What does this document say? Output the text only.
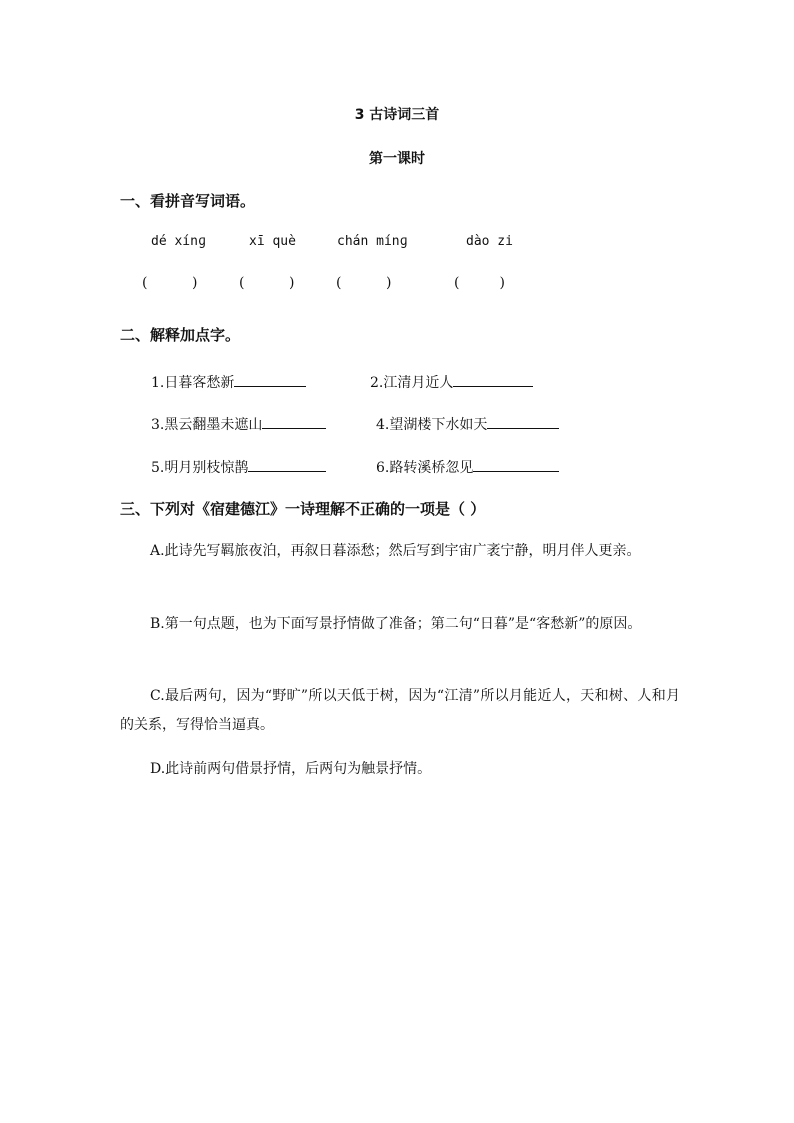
3 古诗词三首
第一课时
一、看拼音写词语。
dé xínɡ	xī què	chán mínɡ	dào zi
(          )	(          )	(          )	(         )
二、解释加点字。
1.日暮客愁新	2.江清月近人
3.黑云翻墨未遮山	4.望湖楼下水如天
5.明月别枝惊鹊	6.路转溪桥忽见
三、下列对《宿建德江》一诗理解不正确的一项是（ ）
A.此诗先写羁旅夜泊，再叙日暮添愁；然后写到宇宙广袤宁静，明月伴人更亲。
B.第一句点题，也为下面写景抒情做了准备；第二句“日暮”是“客愁新”的原因。
C.最后两句，因为“野旷”所以天低于树，因为“江清”所以月能近人，天和树、人和月的关系，写得恰当逼真。
D.此诗前两句借景抒情，后两句为触景抒情。
